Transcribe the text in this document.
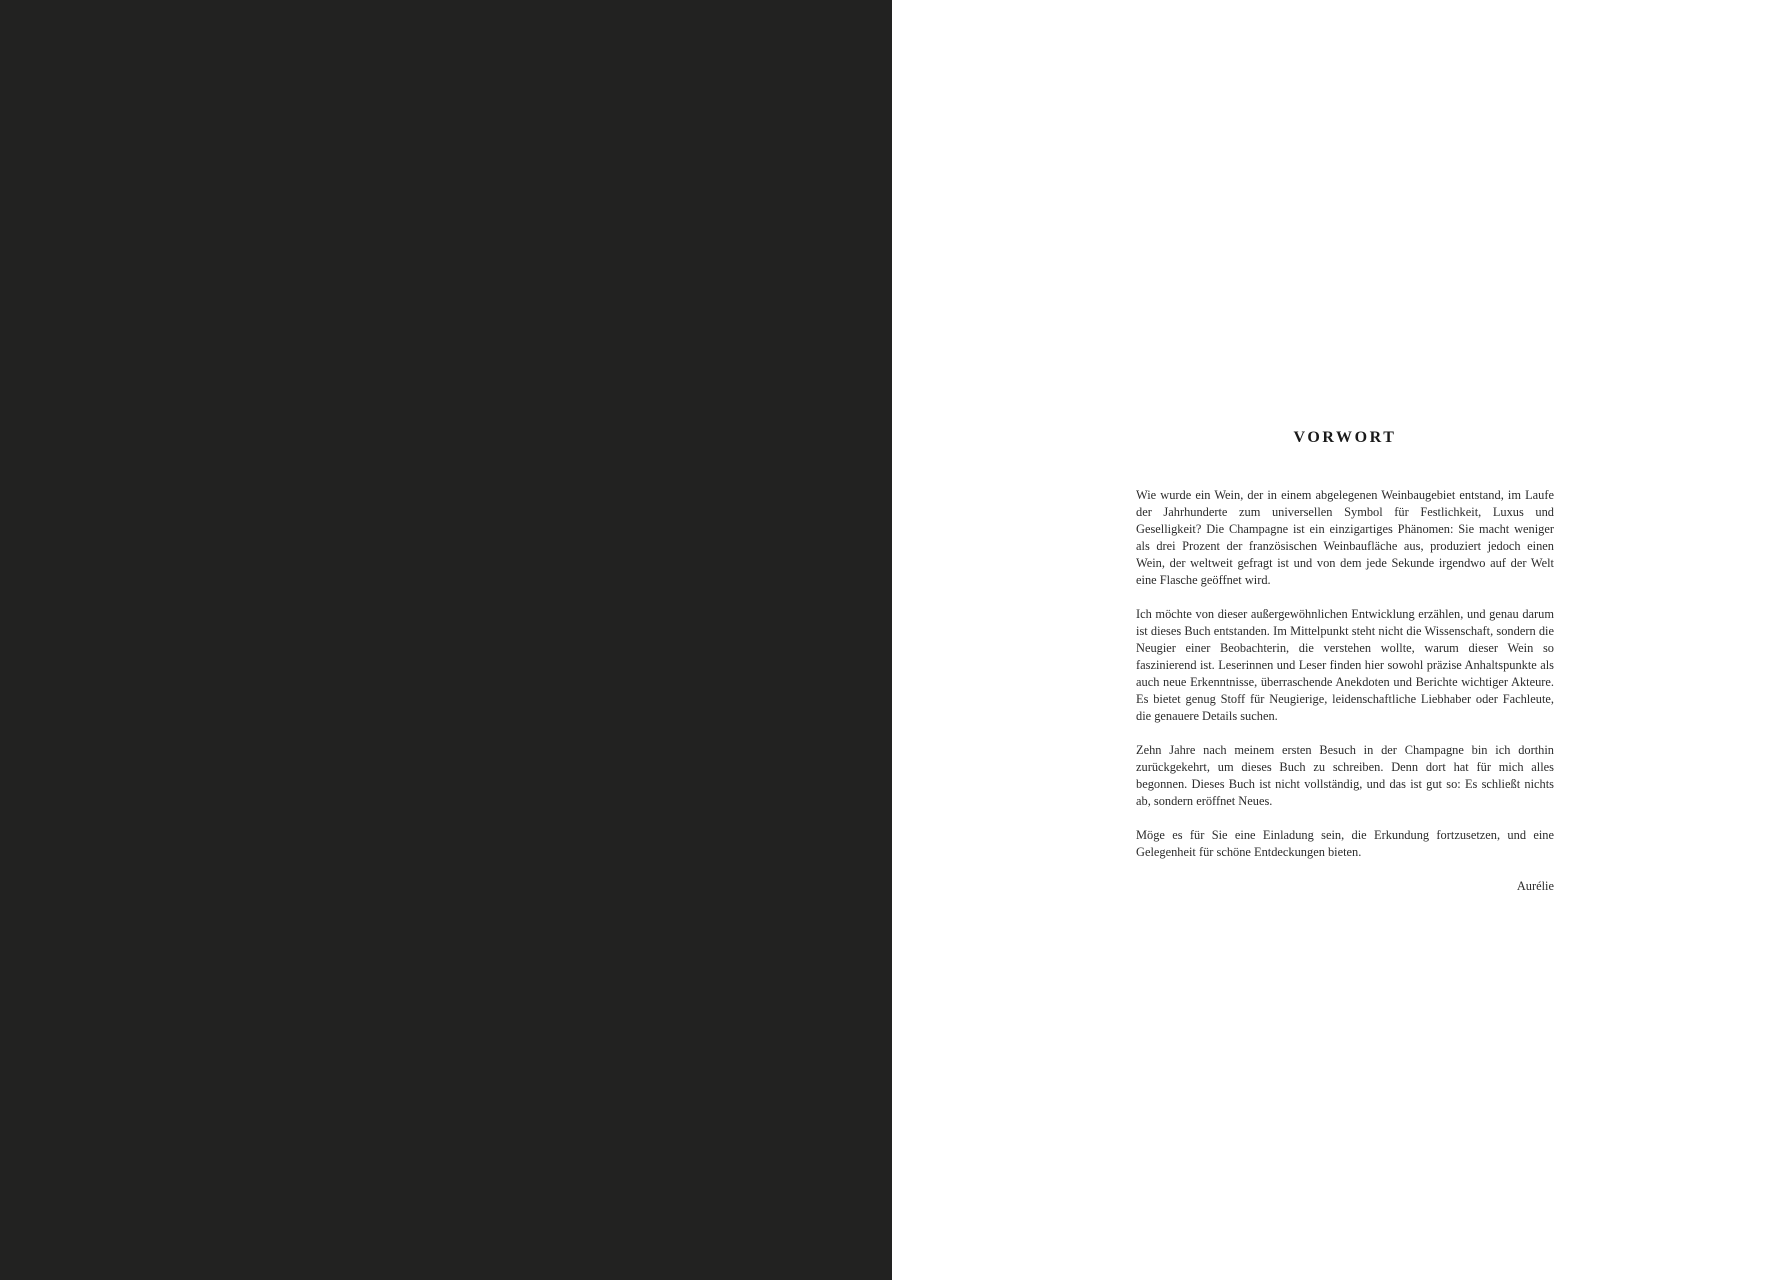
VORWORT

Wie wurde ein Wein, der in einem abgelegenen Weinbaugebiet entstand, im Laufe der Jahrhunderte zum universellen Symbol für Festlichkeit, Luxus und Geselligkeit? Die Champagne ist ein einzigartiges Phänomen: Sie macht weniger als drei Prozent der französischen Weinbaufläche aus, produziert jedoch einen Wein, der weltweit gefragt ist und von dem jede Sekunde irgendwo auf der Welt eine Flasche geöffnet wird.

Ich möchte von dieser außergewöhnlichen Entwicklung erzählen, und genau darum ist dieses Buch entstanden. Im Mittelpunkt steht nicht die Wissenschaft, sondern die Neugier einer Beobachterin, die verstehen wollte, warum dieser Wein so faszinierend ist. Leserinnen und Leser finden hier sowohl präzise Anhaltspunkte als auch neue Erkenntnisse, überraschende Anekdoten und Berichte wichtiger Akteure. Es bietet genug Stoff für Neugierige, leidenschaftliche Liebhaber oder Fachleute, die genauere Details suchen.

Zehn Jahre nach meinem ersten Besuch in der Champagne bin ich dorthin zurückgekehrt, um dieses Buch zu schreiben. Denn dort hat für mich alles begonnen. Dieses Buch ist nicht vollständig, und das ist gut so: Es schließt nichts ab, sondern eröffnet Neues.

Möge es für Sie eine Einladung sein, die Erkundung fortzusetzen, und eine Gelegenheit für schöne Entdeckungen bieten.

Aurélie
